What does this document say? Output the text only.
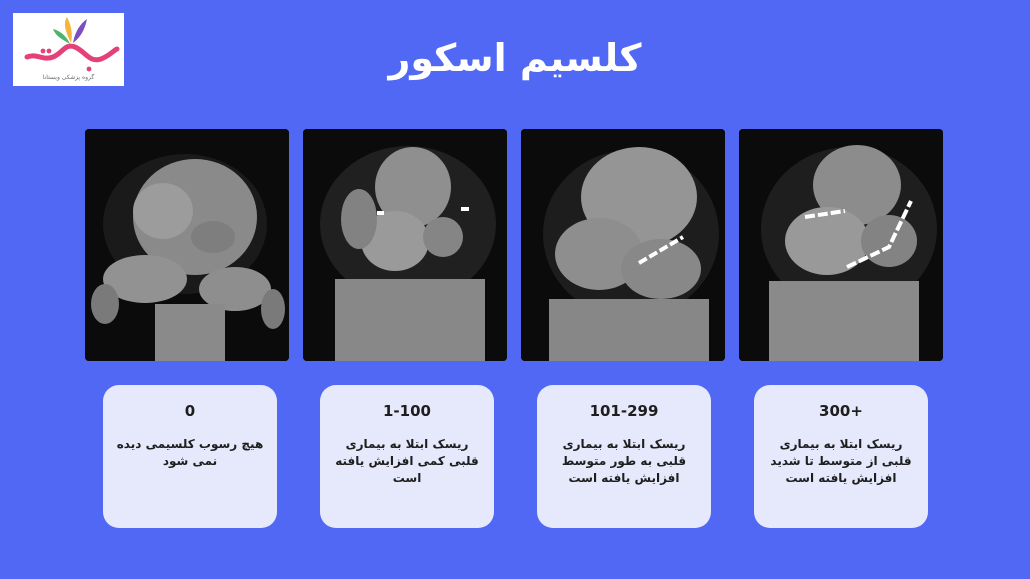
گروه پزشکی ویستانا	کلسیم اسکور
0
هیچ رسوب کلسیمی دیده نمی شود
1-100
ریسک ابتلا به بیماری قلبی کمی افزایش یافته است
101-299
ریسک ابتلا به بیماری قلبی به طور متوسط افزایش یافته است
300+
ریسک ابتلا به بیماری قلبی از متوسط تا شدید افزایش یافته است
